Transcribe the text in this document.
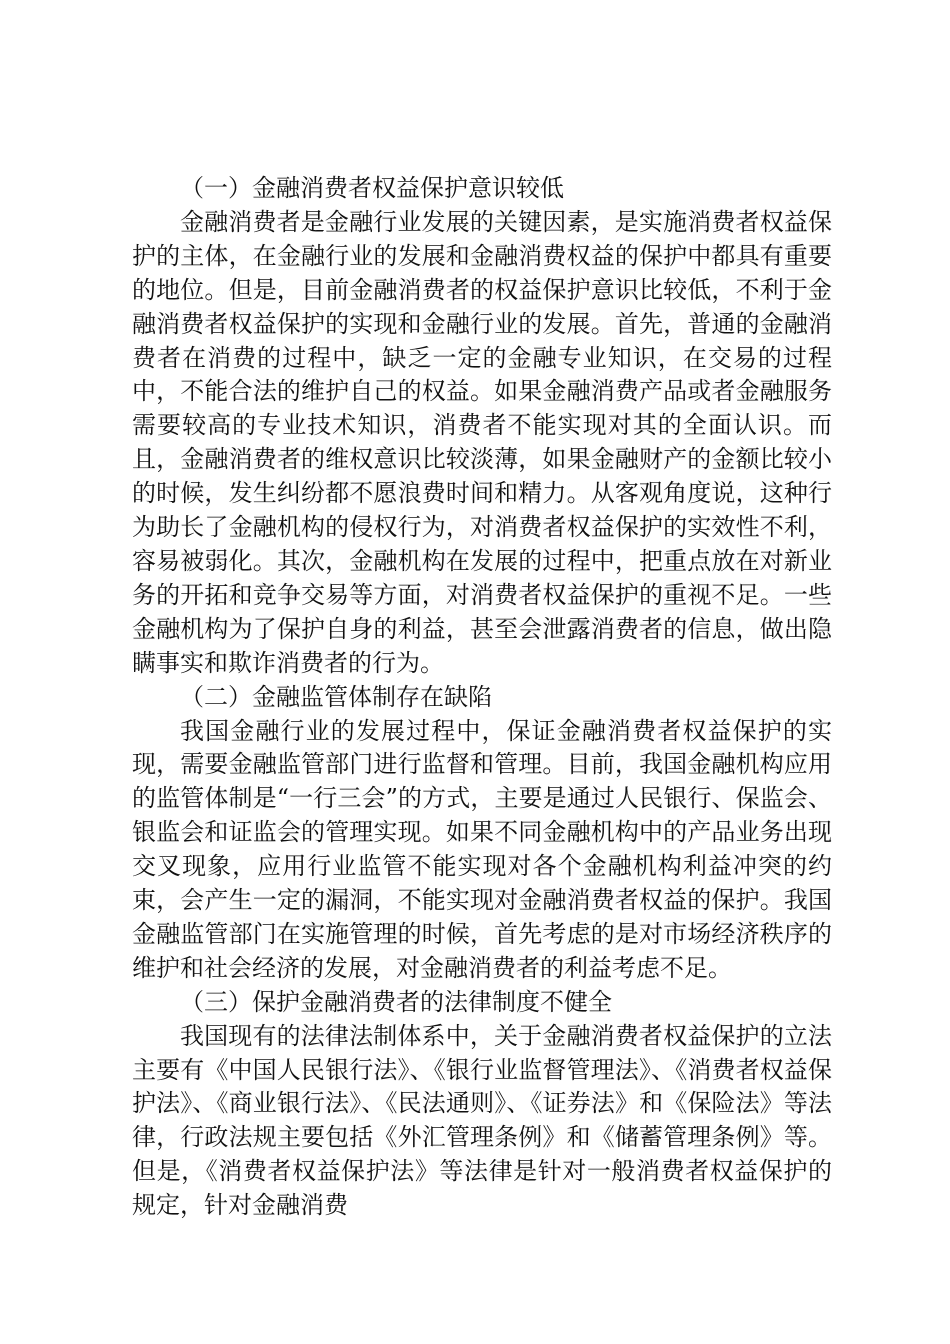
（一）金融消费者权益保护意识较低

金融消费者是金融行业发展的关键因素，是实施消费者权益保护的主体，在金融行业的发展和金融消费权益的保护中都具有重要的地位。但是，目前金融消费者的权益保护意识比较低，不利于金融消费者权益保护的实现和金融行业的发展。首先，普通的金融消费者在消费的过程中，缺乏一定的金融专业知识，在交易的过程中，不能合法的维护自己的权益。如果金融消费产品或者金融服务需要较高的专业技术知识，消费者不能实现对其的全面认识。而且，金融消费者的维权意识比较淡薄，如果金融财产的金额比较小的时候，发生纠纷都不愿浪费时间和精力。从客观角度说，这种行为助长了金融机构的侵权行为，对消费者权益保护的实效性不利，容易被弱化。其次，金融机构在发展的过程中，把重点放在对新业务的开拓和竞争交易等方面，对消费者权益保护的重视不足。一些金融机构为了保护自身的利益，甚至会泄露消费者的信息，做出隐瞒事实和欺诈消费者的行为。

（二）金融监管体制存在缺陷

我国金融行业的发展过程中，保证金融消费者权益保护的实现，需要金融监管部门进行监督和管理。目前，我国金融机构应用的监管体制是“一行三会”的方式，主要是通过人民银行、保监会、银监会和证监会的管理实现。如果不同金融机构中的产品业务出现交叉现象，应用行业监管不能实现对各个金融机构利益冲突的约束，会产生一定的漏洞，不能实现对金融消费者权益的保护。我国金融监管部门在实施管理的时候，首先考虑的是对市场经济秩序的维护和社会经济的发展，对金融消费者的利益考虑不足。

（三）保护金融消费者的法律制度不健全

我国现有的法律法制体系中，关于金融消费者权益保护的立法主要有《中国人民银行法》、《银行业监督管理法》、《消费者权益保护法》、《商业银行法》、《民法通则》、《证券法》和《保险法》等法律，行政法规主要包括《外汇管理条例》和《储蓄管理条例》等。但是，《消费者权益保护法》等法律是针对一般消费者权益保护的规定，针对金融消费
